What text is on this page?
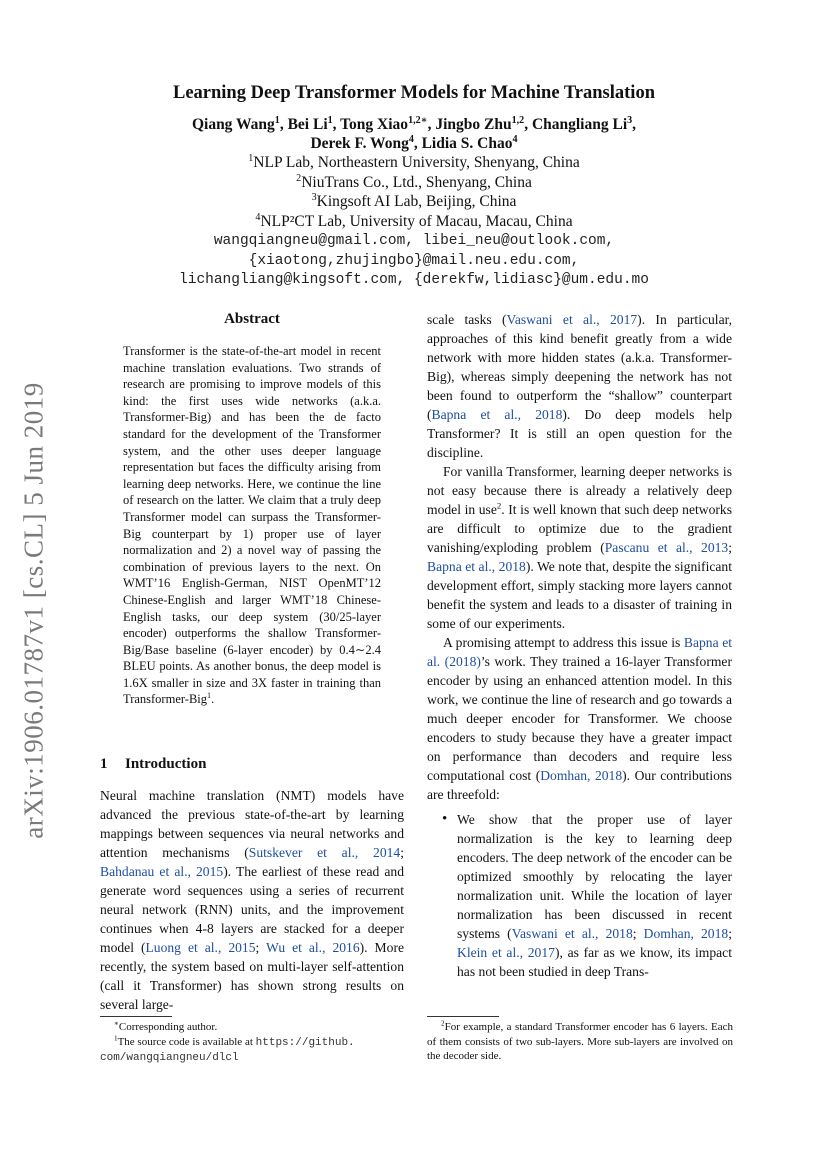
arXiv:1906.01787v1 [cs.CL] 5 Jun 2019
Learning Deep Transformer Models for Machine Translation
Qiang Wang$^1$, Bei Li$^1$, Tong Xiao$^{1,2∗}$, Jingbo Zhu$^{1,2}$, Changliang Li$^3$,
Derek F. Wong$^4$, Lidia S. Chao$^4$
$^1$NLP Lab, Northeastern University, Shenyang, China
$^2$NiuTrans Co., Ltd., Shenyang, China
$^3$Kingsoft AI Lab, Beijing, China
$^4$NLP²CT Lab, University of Macau, Macau, China
wangqiangneu@gmail.com, libei_neu@outlook.com,
{xiaotong,zhujingbo}@mail.neu.edu.com,
lichangliang@kingsoft.com, {derekfw,lidiasc}@um.edu.mo
Abstract
Transformer is the state-of-the-art model in recent machine translation evaluations. Two strands of research are promising to improve models of this kind: the first uses wide networks (a.k.a. Transformer-Big) and has been the de facto standard for the development of the Transformer system, and the other uses deeper language representation but faces the difficulty arising from learning deep networks. Here, we continue the line of research on the latter. We claim that a truly deep Transformer model can surpass the Transformer-Big counterpart by 1) proper use of layer normalization and 2) a novel way of passing the combination of previous layers to the next. On WMT’16 English-German, NIST OpenMT’12 Chinese-English and larger WMT’18 Chinese-English tasks, our deep system (30/25-layer encoder) outperforms the shallow Transformer-Big/Base baseline (6-layer encoder) by 0.4∼2.4 BLEU points. As another bonus, the deep model is 1.6X smaller in size and 3X faster in training than Transformer-Big$^1$.
1 Introduction
Neural machine translation (NMT) models have advanced the previous state-of-the-art by learning mappings between sequences via neural networks and attention mechanisms (Sutskever et al., 2014; Bahdanau et al., 2015). The earliest of these read and generate word sequences using a series of recurrent neural network (RNN) units, and the improvement continues when 4-8 layers are stacked for a deeper model (Luong et al., 2015; Wu et al., 2016). More recently, the system based on multi-layer self-attention (call it Transformer) has shown strong results on several large-

scale tasks (Vaswani et al., 2017). In particular, approaches of this kind benefit greatly from a wide network with more hidden states (a.k.a. Transformer-Big), whereas simply deepening the network has not been found to outperform the “shallow” counterpart (Bapna et al., 2018). Do deep models help Transformer? It is still an open question for the discipline.

For vanilla Transformer, learning deeper networks is not easy because there is already a relatively deep model in use$^2$. It is well known that such deep networks are difficult to optimize due to the gradient vanishing/exploding problem (Pascanu et al., 2013; Bapna et al., 2018). We note that, despite the significant development effort, simply stacking more layers cannot benefit the system and leads to a disaster of training in some of our experiments.

A promising attempt to address this issue is Bapna et al. (2018)’s work. They trained a 16-layer Transformer encoder by using an enhanced attention model. In this work, we continue the line of research and go towards a much deeper encoder for Transformer. We choose encoders to study because they have a greater impact on performance than decoders and require less computational cost (Domhan, 2018). Our contributions are threefold:

• We show that the proper use of layer normalization is the key to learning deep encoders. The deep network of the encoder can be optimized smoothly by relocating the layer normalization unit. While the location of layer normalization has been discussed in recent systems (Vaswani et al., 2018; Domhan, 2018; Klein et al., 2017), as far as we know, its impact has not been studied in deep Trans-
∗Corresponding author.
$^1$The source code is available at https://github. com/wangqiangneu/dlcl
$^2$For example, a standard Transformer encoder has 6 layers. Each of them consists of two sub-layers. More sub-layers are involved on the decoder side.
